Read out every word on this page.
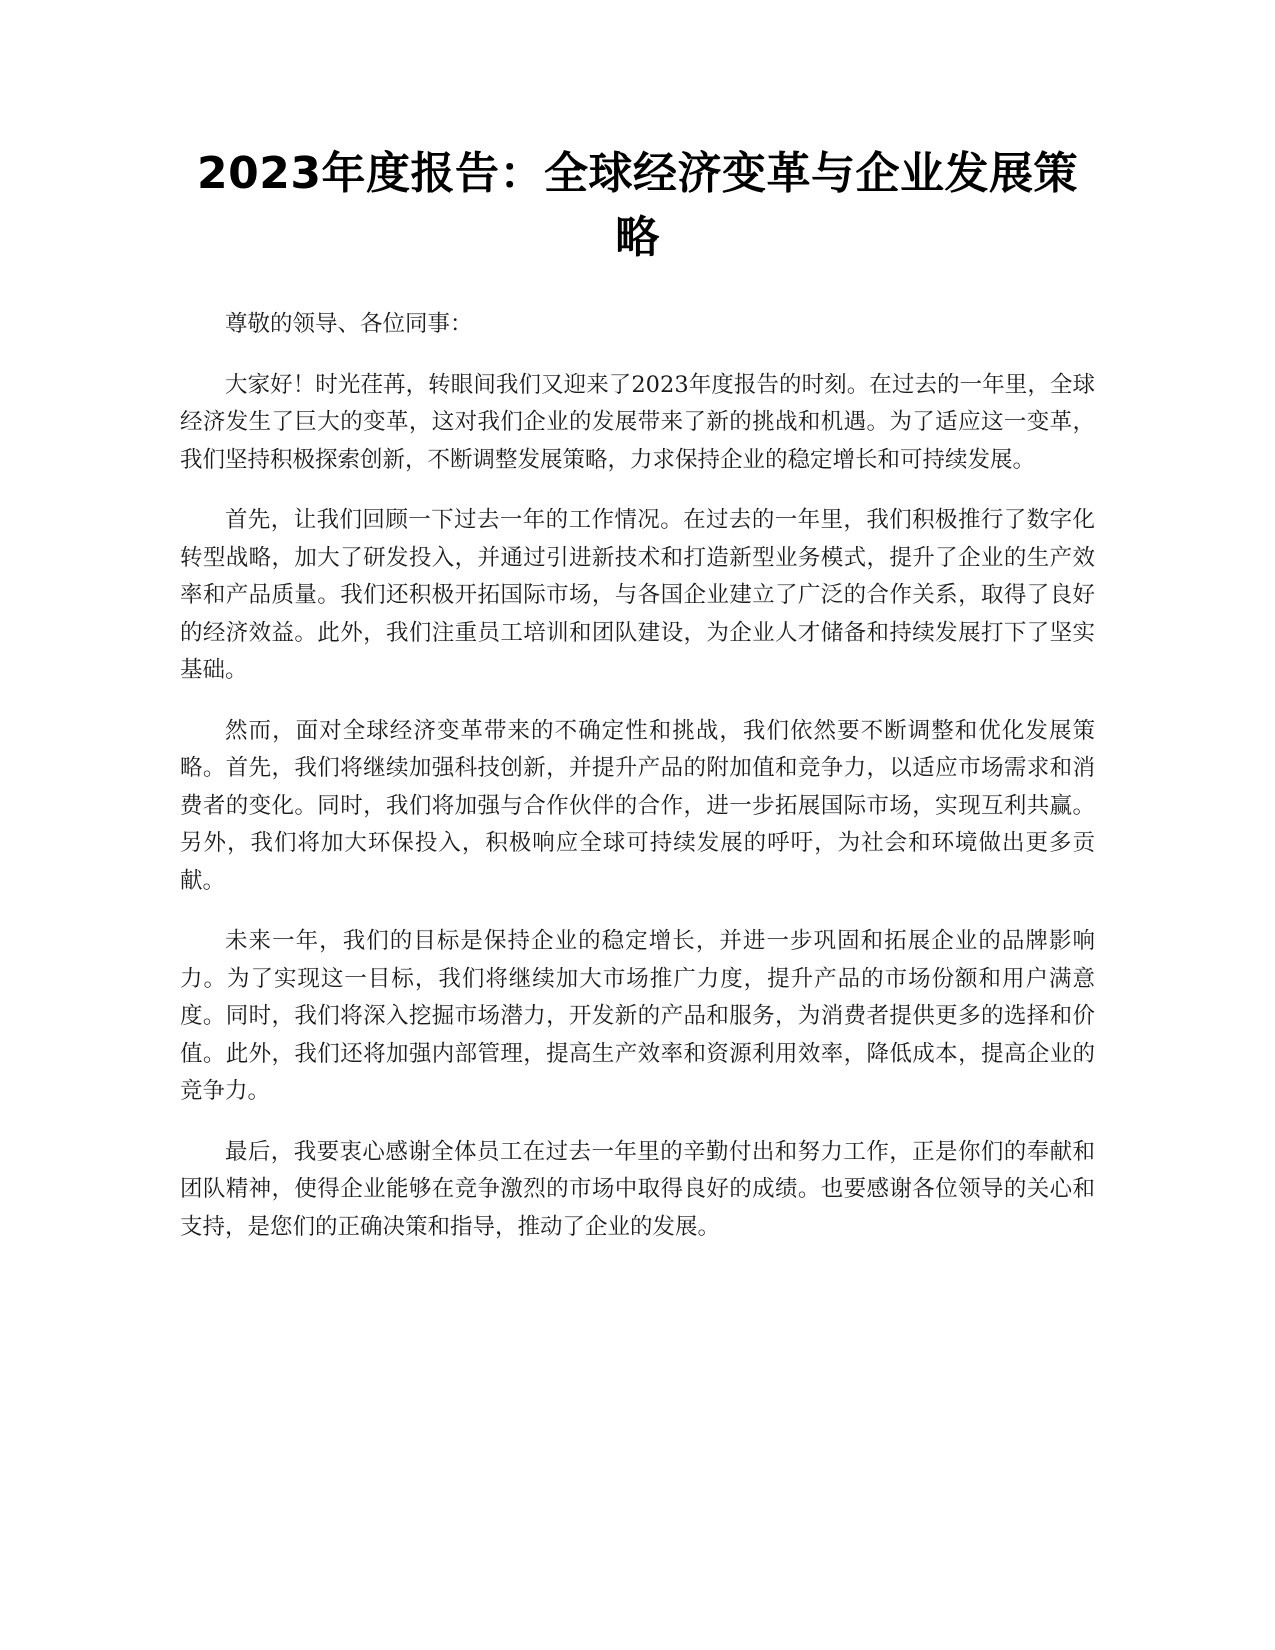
2023年度报告：全球经济变革与企业发展策略

尊敬的领导、各位同事：

大家好！时光荏苒，转眼间我们又迎来了2023年度报告的时刻。在过去的一年里，全球经济发生了巨大的变革，这对我们企业的发展带来了新的挑战和机遇。为了适应这一变革，我们坚持积极探索创新，不断调整发展策略，力求保持企业的稳定增长和可持续发展。

首先，让我们回顾一下过去一年的工作情况。在过去的一年里，我们积极推行了数字化转型战略，加大了研发投入，并通过引进新技术和打造新型业务模式，提升了企业的生产效率和产品质量。我们还积极开拓国际市场，与各国企业建立了广泛的合作关系，取得了良好的经济效益。此外，我们注重员工培训和团队建设，为企业人才储备和持续发展打下了坚实基础。

然而，面对全球经济变革带来的不确定性和挑战，我们依然要不断调整和优化发展策略。首先，我们将继续加强科技创新，并提升产品的附加值和竞争力，以适应市场需求和消费者的变化。同时，我们将加强与合作伙伴的合作，进一步拓展国际市场，实现互利共赢。另外，我们将加大环保投入，积极响应全球可持续发展的呼吁，为社会和环境做出更多贡献。

未来一年，我们的目标是保持企业的稳定增长，并进一步巩固和拓展企业的品牌影响力。为了实现这一目标，我们将继续加大市场推广力度，提升产品的市场份额和用户满意度。同时，我们将深入挖掘市场潜力，开发新的产品和服务，为消费者提供更多的选择和价值。此外，我们还将加强内部管理，提高生产效率和资源利用效率，降低成本，提高企业的竞争力。

最后，我要衷心感谢全体员工在过去一年里的辛勤付出和努力工作，正是你们的奉献和团队精神，使得企业能够在竞争激烈的市场中取得良好的成绩。也要感谢各位领导的关心和支持，是您们的正确决策和指导，推动了企业的发展。
